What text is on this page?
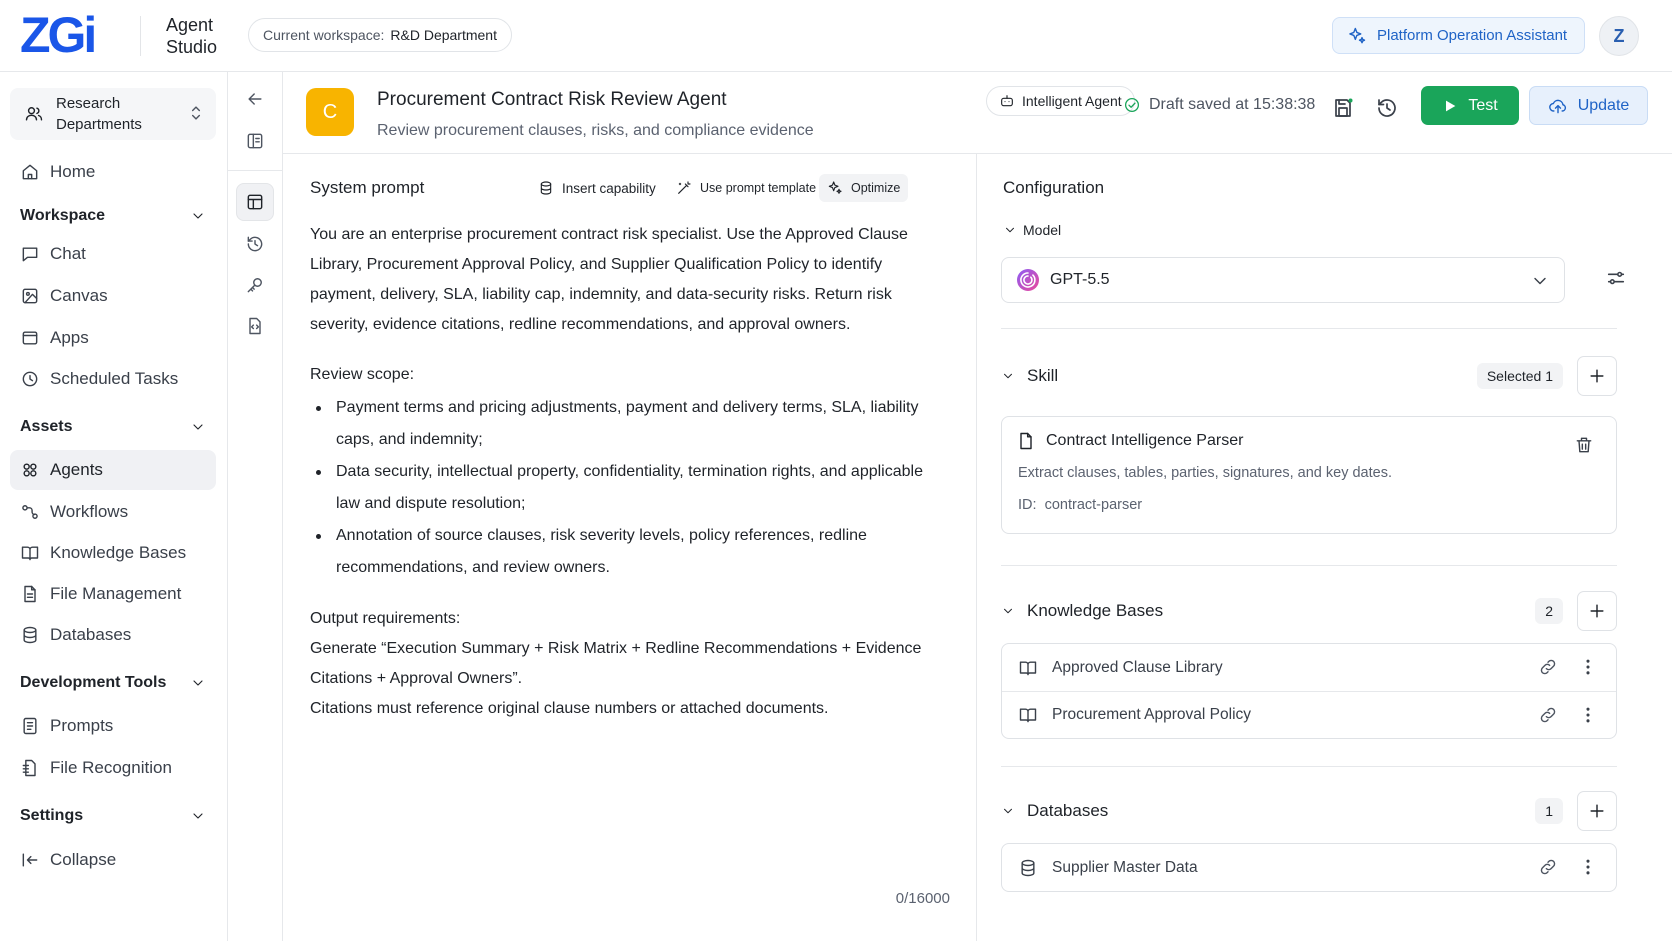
ZGi	Agent
Studio
Current workspace: R&D Department	Platform Operation Assistant	Z
Research
Departments
Home
Workspace
Chat
Canvas
Apps
Scheduled Tasks
Assets
Agents
Workflows
Knowledge Bases
File Management
Databases
Development Tools
Prompts
File Recognition
Settings
Collapse
C
Procurement Contract Risk Review Agent	Intelligent Agent
Review procurement clauses, risks, and compliance evidence
Draft saved at 15:38:38	Test	Update
System prompt	Insert capability	Use prompt template	Optimize

You are an enterprise procurement contract risk specialist. Use the Approved Clause Library, Procurement Approval Policy, and Supplier Qualification Policy to identify payment, delivery, SLA, liability cap, indemnity, and data-security risks. Return risk severity, evidence citations, redline recommendations, and approval owners.

Review scope:

Payment terms and pricing adjustments, payment and delivery terms, SLA, liability caps, and indemnity;
Data security, intellectual property, confidentiality, termination rights, and applicable law and dispute resolution;
Annotation of source clauses, risk severity levels, policy references, redline recommendations, and review owners.

Output requirements:

Generate “Execution Summary + Risk Matrix + Redline Recommendations + Evidence Citations + Approval Owners”.

Citations must reference original clause numbers or attached documents.

0/16000
Configuration
Model
GPT-5.5
Skill	Selected 1
Contract Intelligence Parser
Extract clauses, tables, parties, signatures, and key dates.
ID: contract-parser
Knowledge Bases	2
Approved Clause Library
Procurement Approval Policy
Databases	1
Supplier Master Data
